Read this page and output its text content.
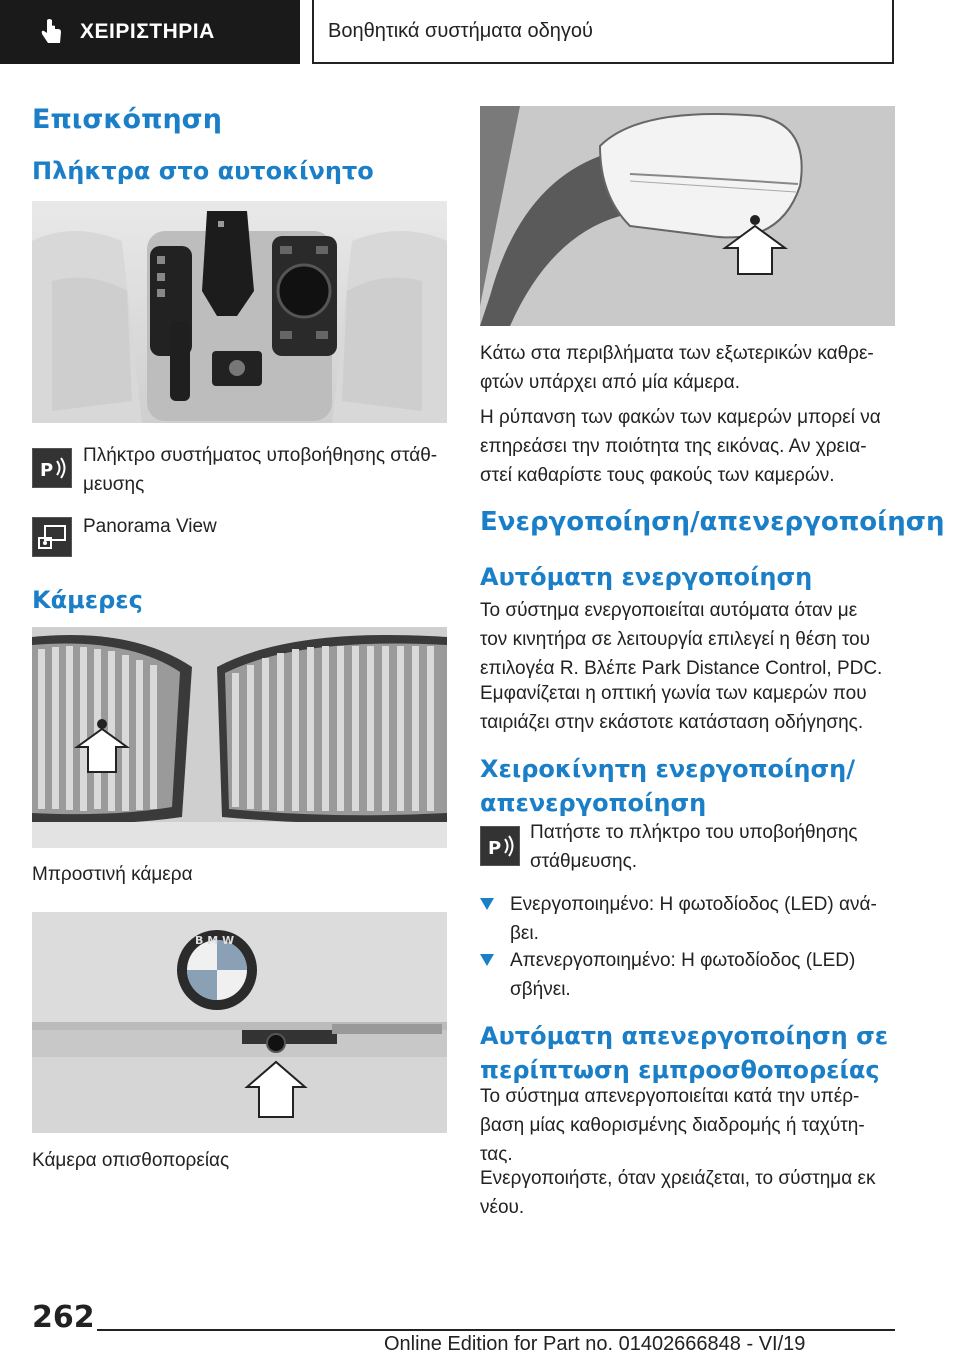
ΧΕΙΡΙΣΤΗΡΙΑ	Βοηθητικά συστήματα οδηγού
Επισκόπηση
Πλήκτρα στο αυτοκίνητο
P

Πλήκτρο συστήματος υποβοήθησης στάθ-

μευσης

Panorama View

Κάμερες

Μπροστινή κάμερα

B M W

Κάμερα οπισθοπορείας

Κάτω στα περιβλήματα των εξωτερικών καθρε-

φτών υπάρχει από μία κάμερα.

Η ρύπανση των φακών των καμερών μπορεί να

επηρεάσει την ποιότητα της εικόνας. Αν χρεια-

στεί καθαρίστε τους φακούς των καμερών.

Ενεργοποίηση/απενεργοποίηση
Αυτόματη ενεργοποίηση

Το σύστημα ενεργοποιείται αυτόματα όταν με

τον κινητήρα σε λειτουργία επιλεγεί η θέση του

επιλογέα R. Βλέπε Park Distance Control, PDC.

Εμφανίζεται η οπτική γωνία των καμερών που

ταιριάζει στην εκάστοτε κατάσταση οδήγησης.

Χειροκίνητη ενεργοποίηση/
απενεργοποίηση
P

Πατήστε το πλήκτρο του υποβοήθησης

στάθμευσης.

Ενεργοποιημένο: Η φωτοδίοδος (LED) ανά-

βει.

Απενεργοποιημένο: Η φωτοδίοδος (LED)

σβήνει.

Αυτόματη απενεργοποίηση σε
περίπτωση εμπροσθοπορείας

Το σύστημα απενεργοποιείται κατά την υπέρ-

βαση μίας καθορισμένης διαδρομής ή ταχύτη-

τας.

Ενεργοποιήστε, όταν χρειάζεται, το σύστημα εκ

νέου.

262
Online Edition for Part no. 01402666848 - VI/19
